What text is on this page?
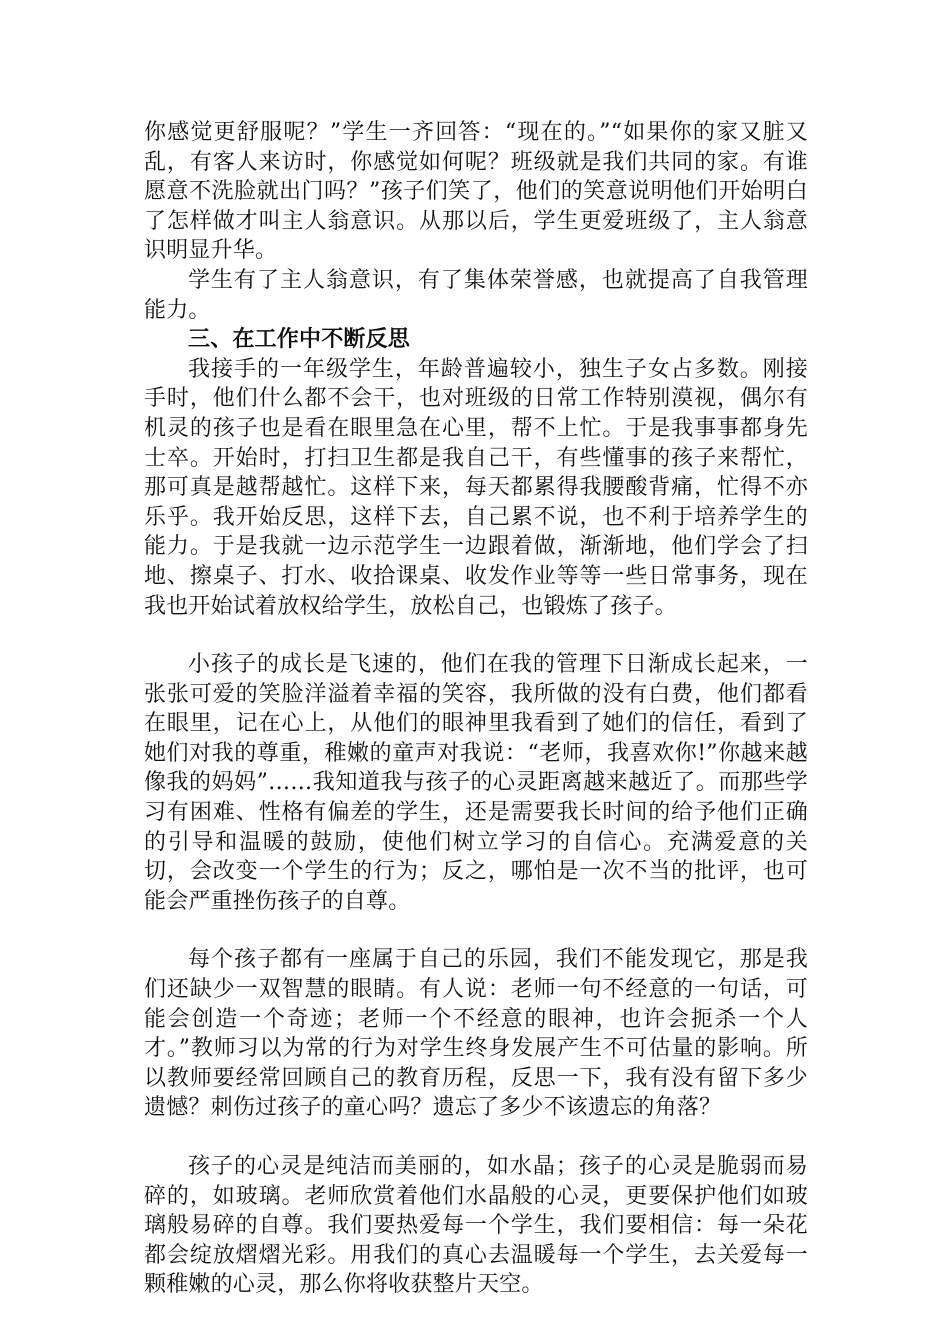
你感觉更舒服呢？”学生一齐回答：“现在的。”“如果你的家又脏又乱，有客人来访时，你感觉如何呢？班级就是我们共同的家。有谁愿意不洗脸就出门吗？”孩子们笑了，他们的笑意说明他们开始明白了怎样做才叫主人翁意识。从那以后，学生更爱班级了，主人翁意识明显升华。

学生有了主人翁意识，有了集体荣誉感，也就提高了自我管理能力。

三、在工作中不断反思

我接手的一年级学生，年龄普遍较小，独生子女占多数。刚接手时，他们什么都不会干，也对班级的日常工作特别漠视，偶尔有机灵的孩子也是看在眼里急在心里，帮不上忙。于是我事事都身先士卒。开始时，打扫卫生都是我自己干，有些懂事的孩子来帮忙，那可真是越帮越忙。这样下来，每天都累得我腰酸背痛，忙得不亦乐乎。我开始反思，这样下去，自己累不说，也不利于培养学生的能力。于是我就一边示范学生一边跟着做，渐渐地，他们学会了扫地、擦桌子、打水、收拾课桌、收发作业等等一些日常事务，现在我也开始试着放权给学生，放松自己，也锻炼了孩子。

小孩子的成长是飞速的，他们在我的管理下日渐成长起来，一张张可爱的笑脸洋溢着幸福的笑容，我所做的没有白费，他们都看在眼里，记在心上，从他们的眼神里我看到了她们的信任，看到了她们对我的尊重，稚嫩的童声对我说：“老师，我喜欢你!”你越来越像我的妈妈”……我知道我与孩子的心灵距离越来越近了。而那些学习有困难、性格有偏差的学生，还是需要我长时间的给予他们正确的引导和温暖的鼓励，使他们树立学习的自信心。充满爱意的关切，会改变一个学生的行为；反之，哪怕是一次不当的批评，也可能会严重挫伤孩子的自尊。

每个孩子都有一座属于自己的乐园，我们不能发现它，那是我们还缺少一双智慧的眼睛。有人说：老师一句不经意的一句话，可能会创造一个奇迹；老师一个不经意的眼神，也许会扼杀一个人才。”教师习以为常的行为对学生终身发展产生不可估量的影响。所以教师要经常回顾自己的教育历程，反思一下，我有没有留下多少遗憾？刺伤过孩子的童心吗？遗忘了多少不该遗忘的角落？

孩子的心灵是纯洁而美丽的，如水晶；孩子的心灵是脆弱而易碎的，如玻璃。老师欣赏着他们水晶般的心灵，更要保护他们如玻璃般易碎的自尊。我们要热爱每一个学生，我们要相信：每一朵花都会绽放熠熠光彩。用我们的真心去温暖每一个学生，去关爱每一颗稚嫩的心灵，那么你将收获整片天空。
